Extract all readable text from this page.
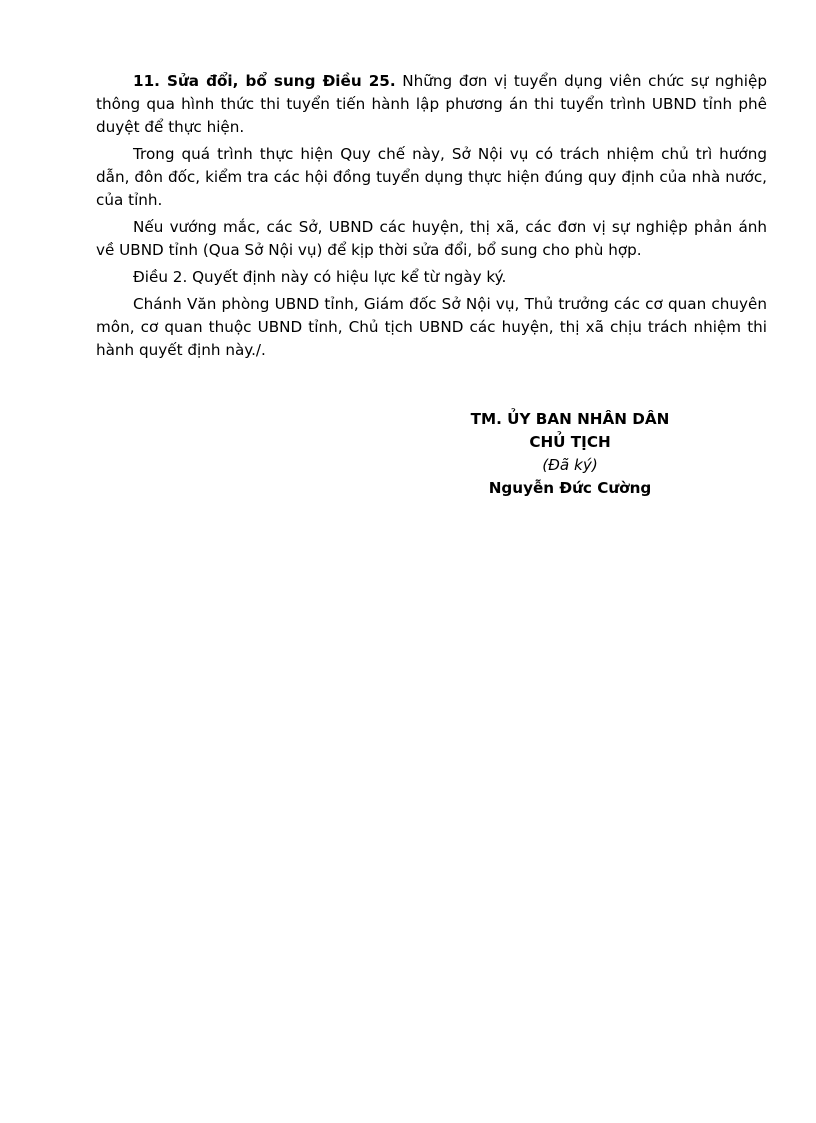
11. Sửa đổi, bổ sung Điều 25. Những đơn vị tuyển dụng viên chức sự nghiệp thông qua hình thức thi tuyển tiến hành lập phương án thi tuyển trình UBND tỉnh phê duyệt để thực hiện.

Trong quá trình thực hiện Quy chế này, Sở Nội vụ có trách nhiệm chủ trì hướng dẫn, đôn đốc, kiểm tra các hội đồng tuyển dụng thực hiện đúng quy định của nhà nước, của tỉnh.

Nếu vướng mắc, các Sở, UBND các huyện, thị xã, các đơn vị sự nghiệp phản ánh về UBND tỉnh (Qua Sở Nội vụ) để kịp thời sửa đổi, bổ sung cho phù hợp.

Điều 2. Quyết định này có hiệu lực kể từ ngày ký.

Chánh Văn phòng UBND tỉnh, Giám đốc Sở Nội vụ, Thủ trưởng các cơ quan chuyên môn, cơ quan thuộc UBND tỉnh, Chủ tịch UBND các huyện, thị xã chịu trách nhiệm thi hành quyết định này./.

TM. ỦY BAN NHÂN DÂN
CHỦ TỊCH
(Đã ký)
Nguyễn Đức Cường
